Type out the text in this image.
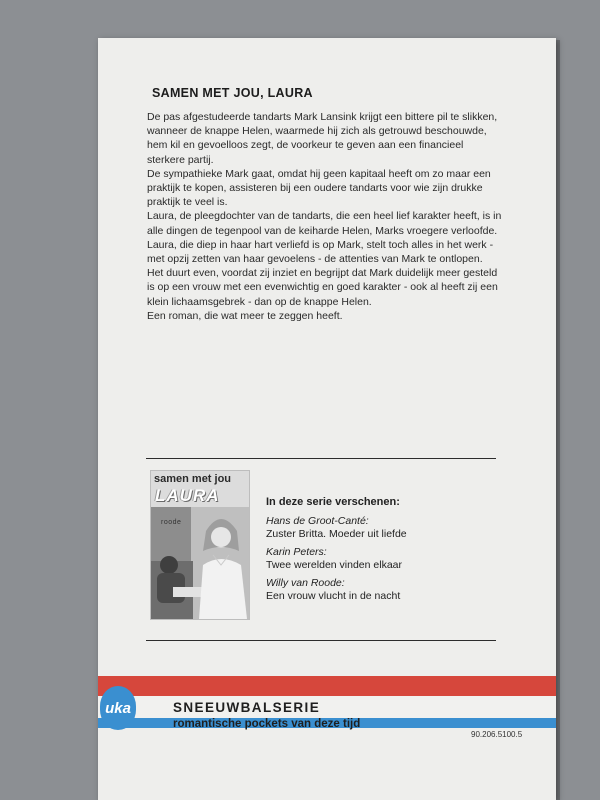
SAMEN MET JOU, LAURA

De pas afgestudeerde tandarts Mark Lansink krijgt een bittere pil te slikken, wanneer de knappe Helen, waarmede hij zich als getrouwd beschouwde, hem kil en gevoelloos zegt, de voorkeur te geven aan een financieel sterkere partij.

De sympathieke Mark gaat, omdat hij geen kapitaal heeft om zo maar een praktijk te kopen, assisteren bij een oudere tandarts voor wie zijn drukke praktijk te veel is.

Laura, de pleegdochter van de tandarts, die een heel lief karakter heeft, is in alle dingen de tegenpool van de keiharde Helen, Marks vroegere verloofde.

Laura, die diep in haar hart verliefd is op Mark, stelt toch alles in het werk - met opzij zetten van haar gevoelens - de attenties van Mark te ontlopen.

Het duurt even, voordat zij inziet en begrijpt dat Mark duidelijk meer gesteld is op een vrouw met een evenwichtig en goed karakter - ook al heeft zij een klein lichaamsgebrek - dan op de knappe Helen.

Een roman, die wat meer te zeggen heeft.

samen met jou
LAURA
roode
In deze serie verschenen:
Hans de Groot-Canté:
Zuster Britta. Moeder uit liefde
Karin Peters:
Twee werelden vinden elkaar
Willy van Roode:
Een vrouw vlucht in de nacht
uka	SNEEUWBALSERIE
romantische pockets van deze tijd
90.206.5100.5
